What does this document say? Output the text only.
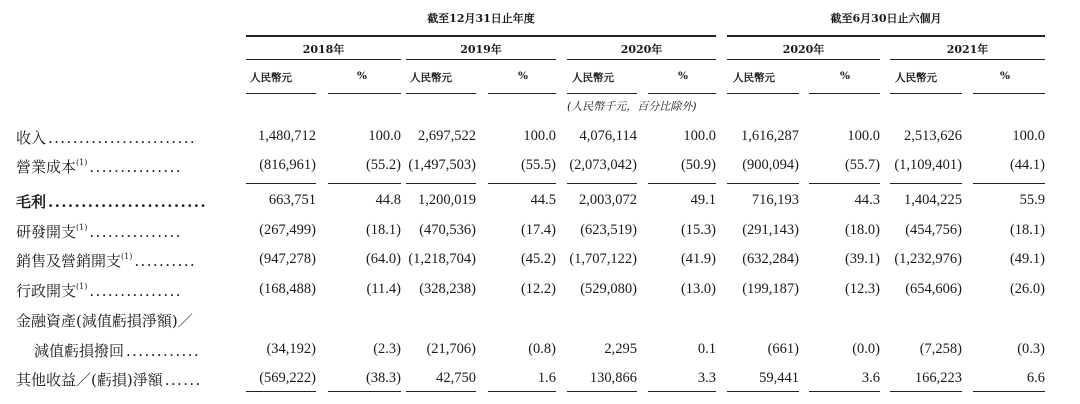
截至12月31日止年度	截至6月30日止六個月
2018年	2019年	2020年	2020年	2021年
人民幣元	%	人民幣元	%	人民幣元	%	人民幣元	%	人民幣元	%
(人民幣千元，百分比除外)
收入 ........................	1,480,712	100.0 2,697,522	100.0 4,076,114	100.0 1,616,287	100.0 2,513,626	100.0
營業成本$^{(1)}$ ...............	(816,961)	(55.2) (1,497,503)	(55.5) (2,073,042)	(50.9) (900,094)	(55.7) (1,109,401)	(44.1)
毛利 ........................	663,751	44.8 1,200,019	44.5 2,003,072	49.1 716,193	44.3 1,404,225	55.9
研發開支$^{(1)}$ ...............	(267,499)	(18.1) (470,536)	(17.4) (623,519)	(15.3) (291,143)	(18.0) (454,756)	(18.1)
銷售及營銷開支$^{(1)}$ ..........	(947,278)	(64.0) (1,218,704)	(45.2) (1,707,122)	(41.9) (632,284)	(39.1) (1,232,976)	(49.1)
行政開支$^{(1)}$ ...............	(168,488)	(11.4) (328,238)	(12.2) (529,080)	(13.0) (199,187)	(12.3) (654,606)	(26.0)
金融資產(減值虧損淨額)／
減值虧損撥回 ............	(34,192)	(2.3) (21,706)	(0.8)	2,295	0.1	(661)	(0.0)	(7,258)	(0.3)
其他收益／(虧損)淨額 ......	(569,222)	(38.3) 42,750	1.6 130,866	3.3	59,441	3.6 166,223	6.6
